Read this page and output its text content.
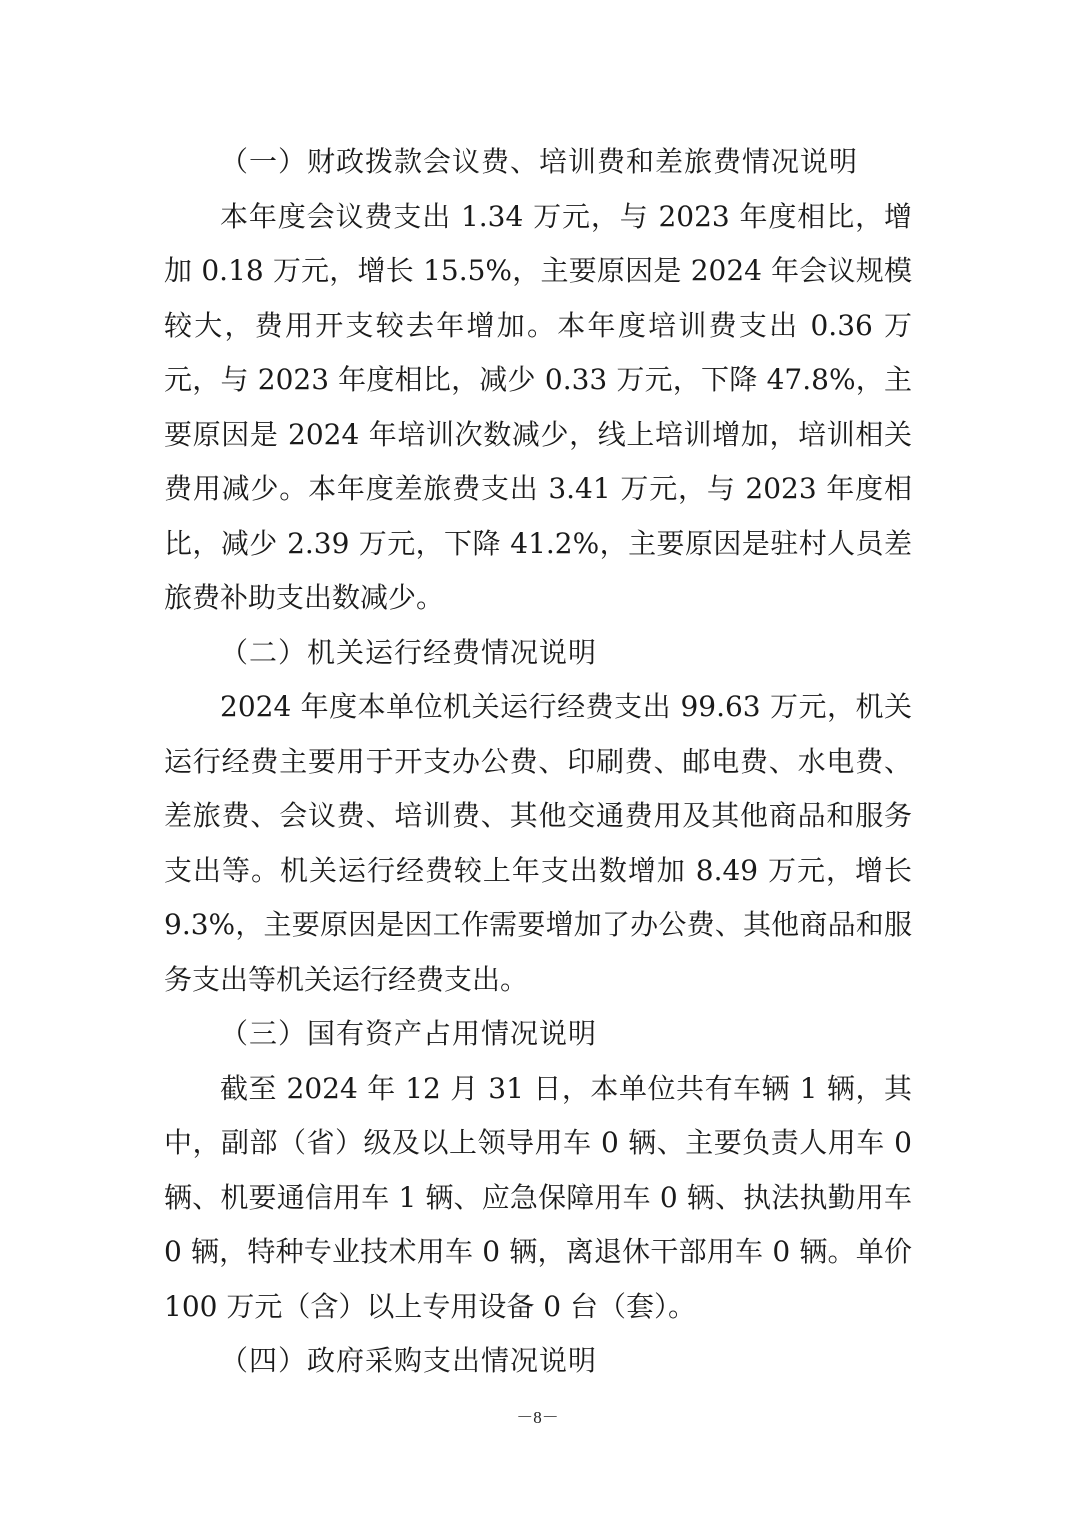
（一）财政拨款会议费、培训费和差旅费情况说明

本年度会议费支出 1.34 万元，与 2023 年度相比，增加 0.18 万元，增长 15.5%，主要原因是 2024 年会议规模较大，费用开支较去年增加。本年度培训费支出 0.36 万元，与 2023 年度相比，减少 0.33 万元，下降 47.8%，主要原因是 2024 年培训次数减少，线上培训增加，培训相关费用减少。本年度差旅费支出 3.41 万元，与 2023 年度相比，减少 2.39 万元，下降 41.2%，主要原因是驻村人员差旅费补助支出数减少。

（二）机关运行经费情况说明

2024 年度本单位机关运行经费支出 99.63 万元，机关运行经费主要用于开支办公费、印刷费、邮电费、水电费、差旅费、会议费、培训费、其他交通费用及其他商品和服务支出等。机关运行经费较上年支出数增加 8.49 万元，增长 9.3%，主要原因是因工作需要增加了办公费、其他商品和服务支出等机关运行经费支出。

（三）国有资产占用情况说明

截至 2024 年 12 月 31 日，本单位共有车辆 1 辆，其中，副部（省）级及以上领导用车 0 辆、主要负责人用车 0 辆、机要通信用车 1 辆、应急保障用车 0 辆、执法执勤用车 0 辆，特种专业技术用车 0 辆，离退休干部用车 0 辆。单价 100 万元（含）以上专用设备 0 台（套）。

（四）政府采购支出情况说明

－8－
